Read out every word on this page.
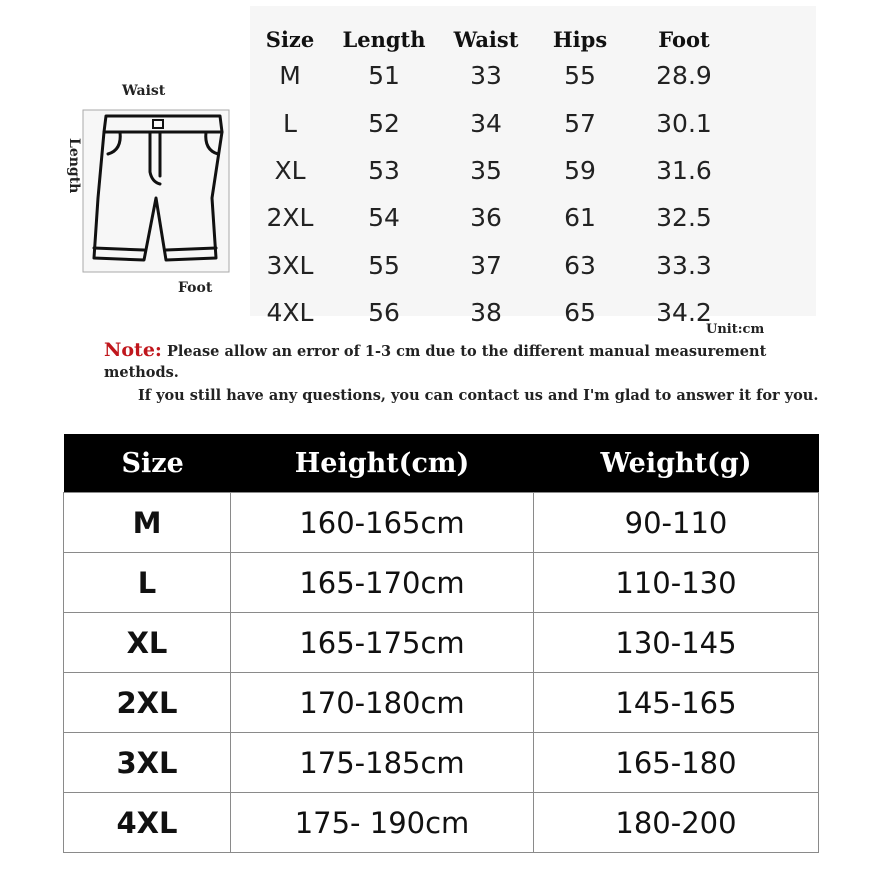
Size	Length	Waist	Hips	Foot
M	51	33	55	28.9
L	52	34	57	30.1
XL	53	35	59	31.6
2XL	54	36	61	32.5
3XL	55	37	63	33.3
4XL	56	38	65	34.2
Waist
Length
Foot
Unit:cm

Note: Please allow an error of 1-3 cm due to the different manual measurement methods.

If you still have any questions, you can contact us and I'm glad to answer it for you.

Size	Height(cm)	Weight(g)
M	160-165cm	90-110
L	165-170cm	110-130
XL	165-175cm	130-145
2XL	170-180cm	145-165
3XL	175-185cm	165-180
4XL	175- 190cm	180-200
